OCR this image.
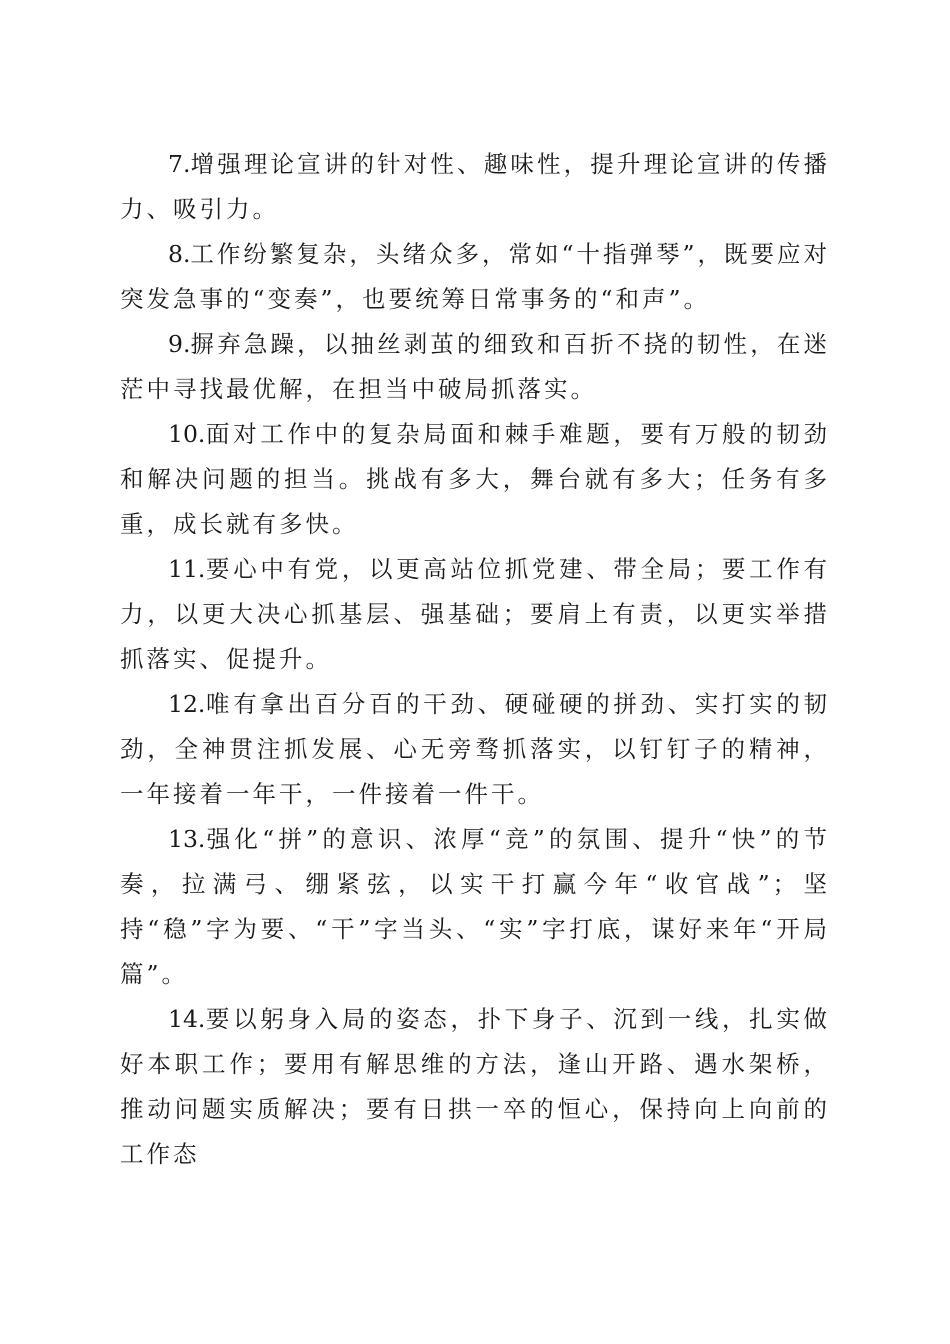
7.增强理论宣讲的针对性、趣味性，提升理论宣讲的传播力、吸引力。

8.工作纷繁复杂，头绪众多，常如“十指弹琴”，既要应对突发急事的“变奏”，也要统筹日常事务的“和声”。

9.摒弃急躁，以抽丝剥茧的细致和百折不挠的韧性，在迷茫中寻找最优解，在担当中破局抓落实。

10.面对工作中的复杂局面和棘手难题，要有万般的韧劲和解决问题的担当。挑战有多大，舞台就有多大；任务有多重，成长就有多快。

11.要心中有党，以更高站位抓党建、带全局；要工作有力，以更大决心抓基层、强基础；要肩上有责，以更实举措抓落实、促提升。

12.唯有拿出百分百的干劲、硬碰硬的拼劲、实打实的韧劲，全神贯注抓发展、心无旁骛抓落实，以钉钉子的精神，一年接着一年干，一件接着一件干。

13.强化“拼”的意识、浓厚“竞”的氛围、提升“快”的节奏，拉满弓、绷紧弦，以实干打赢今年“收官战”；坚持“稳”字为要、“干”字当头、“实”字打底，谋好来年“开局篇”。

14.要以躬身入局的姿态，扑下身子、沉到一线，扎实做好本职工作；要用有解思维的方法，逢山开路、遇水架桥，推动问题实质解决；要有日拱一卒的恒心，保持向上向前的工作态
